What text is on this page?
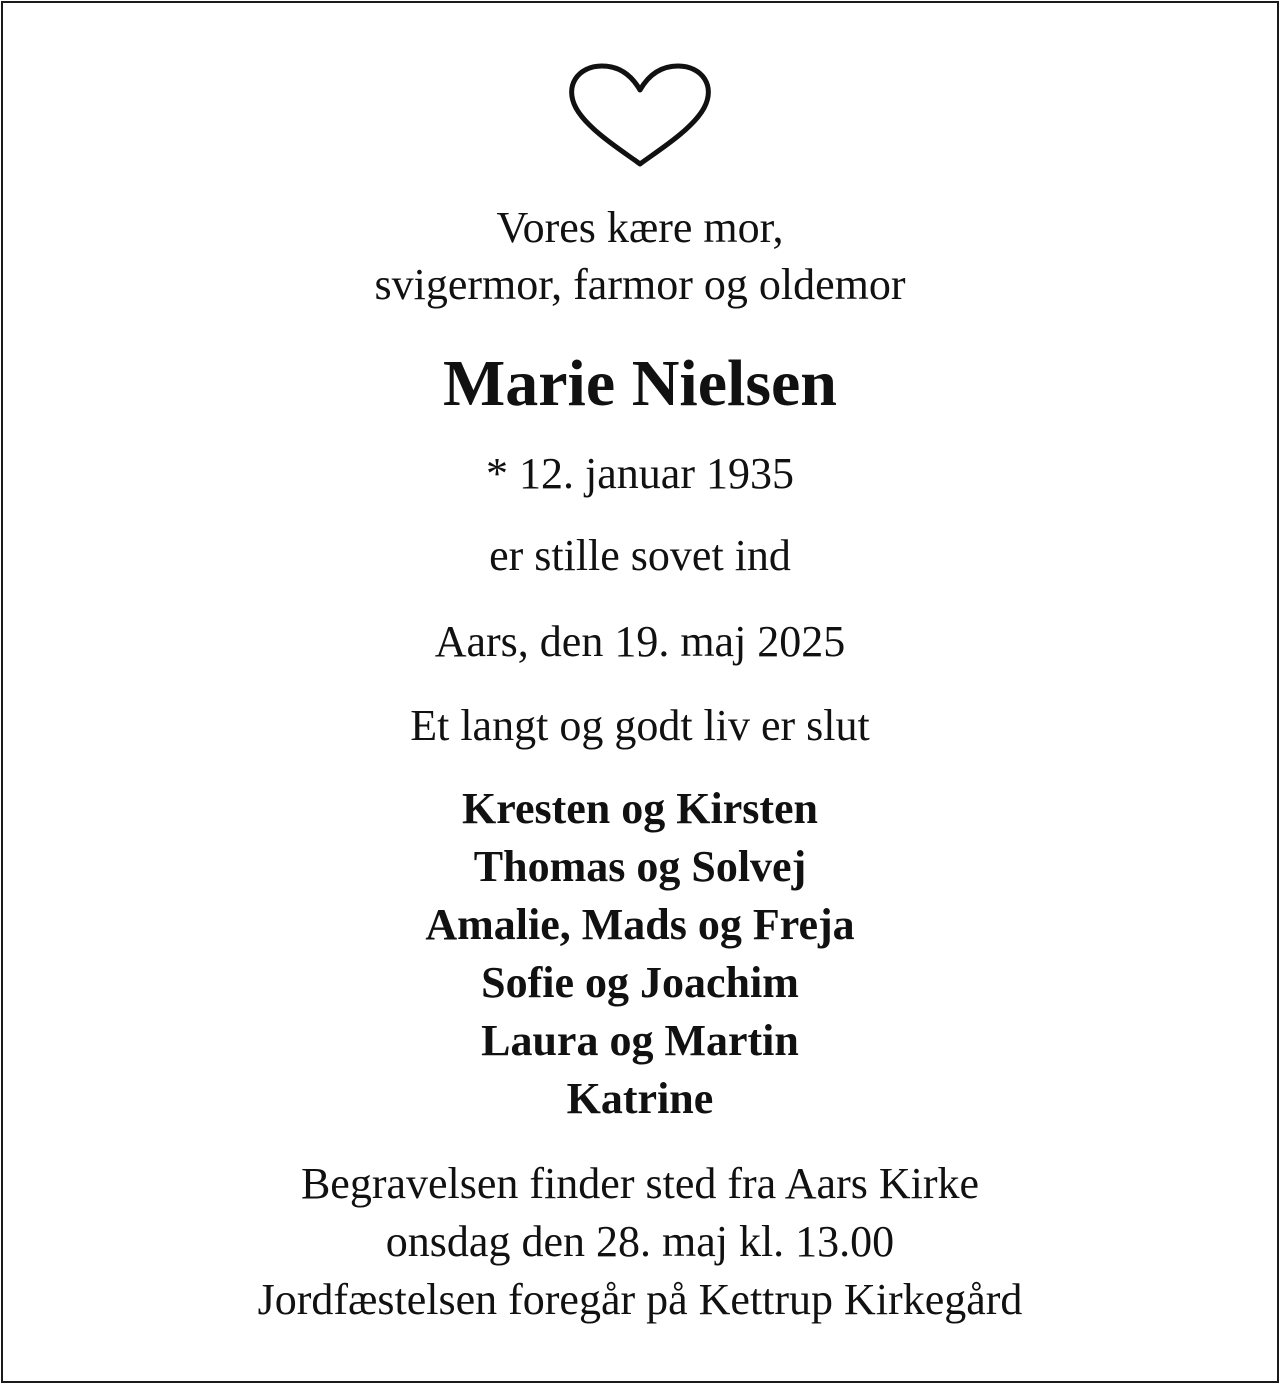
Vores kære mor,
svigermor, farmor og oldemor
Marie Nielsen
* 12. januar 1935
er stille sovet ind
Aars, den 19. maj 2025
Et langt og godt liv er slut
Kresten og Kirsten
Thomas og Solvej
Amalie, Mads og Freja
Sofie og Joachim
Laura og Martin
Katrine
Begravelsen finder sted fra Aars Kirke
onsdag den 28. maj kl. 13.00
Jordfæstelsen foregår på Kettrup Kirkegård
